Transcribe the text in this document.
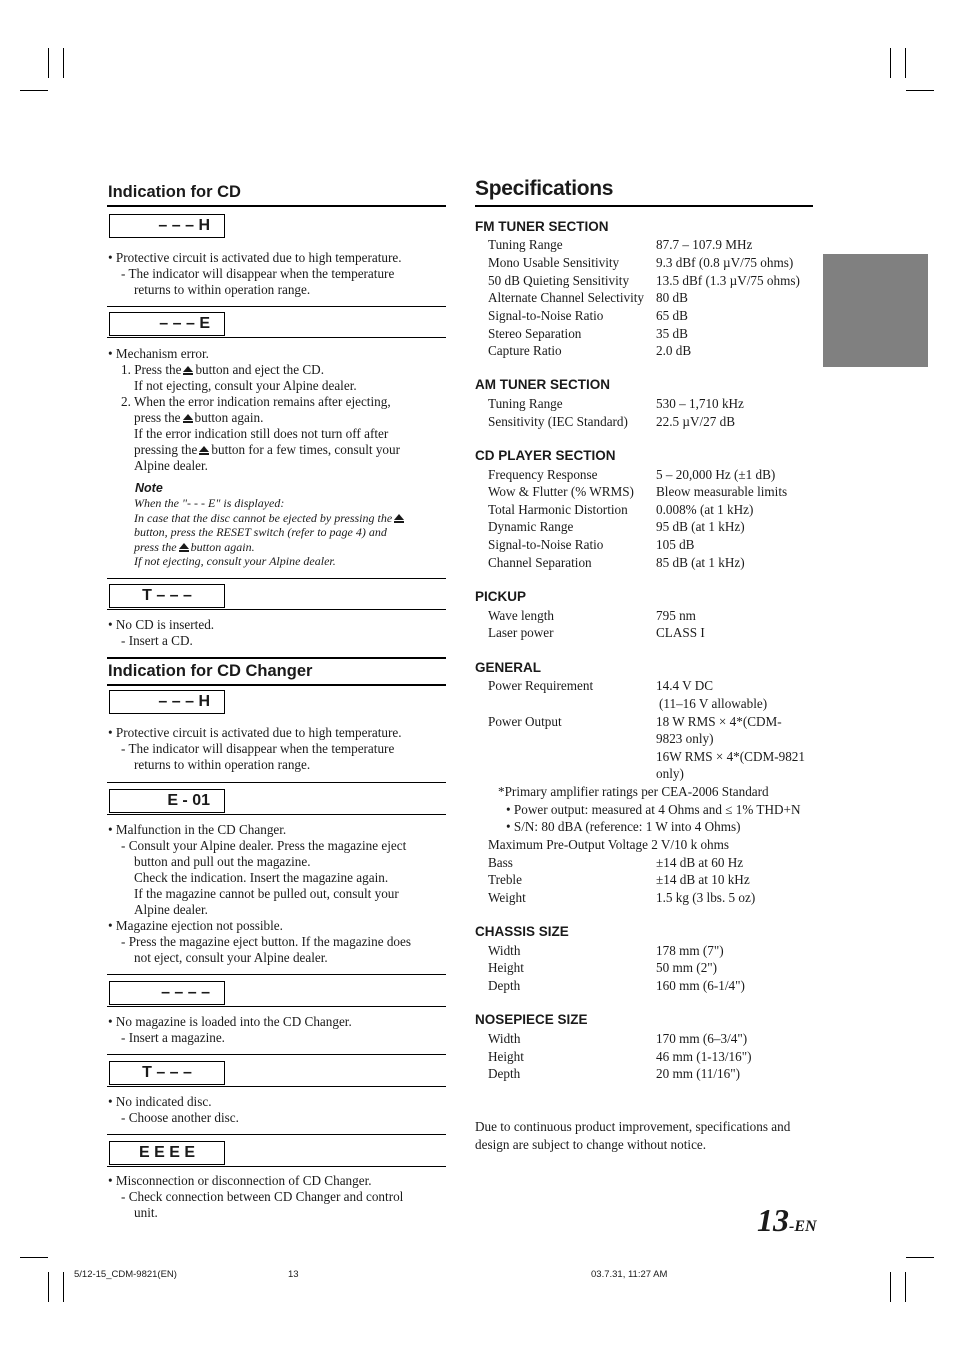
Indication for CD
– – – H
• Protective circuit is activated due to high temperature.
- The indicator will disappear when the temperature
returns to within operation range.
– – – E
• Mechanism error.
1. Press the button and eject the CD.
If not ejecting, consult your Alpine dealer.
2. When the error indication remains after ejecting,
press the button again.
If the error indication still does not turn off after
pressing the button for a few times, consult your
Alpine dealer.
Note
When the "- - - E" is displayed:
In case that the disc cannot be ejected by pressing the
button, press the RESET switch (refer to page 4) and
press the button again.
If not ejecting, consult your Alpine dealer.
T – – –
• No CD is inserted.
- Insert a CD.
Indication for CD Changer
– – – H
• Protective circuit is activated due to high temperature.
- The indicator will disappear when the temperature
returns to within operation range.
E - 01
• Malfunction in the CD Changer.
- Consult your Alpine dealer. Press the magazine eject
button and pull out the magazine.
Check the indication. Insert the magazine again.
If the magazine cannot be pulled out, consult your
Alpine dealer.
• Magazine ejection not possible.
- Press the magazine eject button. If the magazine does
not eject, consult your Alpine dealer.
– – – –
• No magazine is loaded into the CD Changer.
- Insert a magazine.
T – – –
• No indicated disc.
- Choose another disc.
E E E E
• Misconnection or disconnection of CD Changer.
- Check connection between CD Changer and control
unit.
Specifications
FM TUNER SECTION
Tuning Range	87.7 – 107.9 MHz
Mono Usable Sensitivity	9.3 dBf (0.8 µV/75 ohms)
50 dB Quieting Sensitivity 13.5 dBf (1.3 µV/75 ohms)
Alternate Channel Selectivity 80 dB
Signal-to-Noise Ratio	65 dB
Stereo Separation	35 dB
Capture Ratio	2.0 dB
AM TUNER SECTION
Tuning Range	530 – 1,710 kHz
Sensitivity (IEC Standard) 22.5 µV/27 dB
CD PLAYER SECTION
Frequency Response	5 – 20,000 Hz (±1 dB)
Wow & Flutter (% WRMS) Bleow measurable limits
Total Harmonic Distortion 0.008% (at 1 kHz)
Dynamic Range	95 dB (at 1 kHz)
Signal-to-Noise Ratio	105 dB
Channel Separation	85 dB (at 1 kHz)
PICKUP
Wave length	795 nm
Laser power	CLASS I
GENERAL
Power Requirement	14.4 V DC
(11–16 V allowable)
Power Output	18 W RMS × 4*(CDM-
9823 only)
16W RMS × 4*(CDM-9821
only)
*Primary amplifier ratings per CEA-2006 Standard
• Power output: measured at 4 Ohms and ≤ 1% THD+N
• S/N: 80 dBA (reference: 1 W into 4 Ohms)
Maximum Pre-Output Voltage 2 V/10 k ohms
Bass	±14 dB at 60 Hz
Treble	±14 dB at 10 kHz
Weight	1.5 kg (3 lbs. 5 oz)
CHASSIS SIZE
Width	178 mm (7")
Height	50 mm (2")
Depth	160 mm (6-1/4")
NOSEPIECE SIZE
Width	170 mm (6–3/4")
Height	46 mm (1-13/16")
Depth	20 mm (11/16")
Due to continuous product improvement, specifications and
design are subject to change without notice.
13-EN
5/12-15_CDM-9821(EN)	13	03.7.31, 11:27 AM
